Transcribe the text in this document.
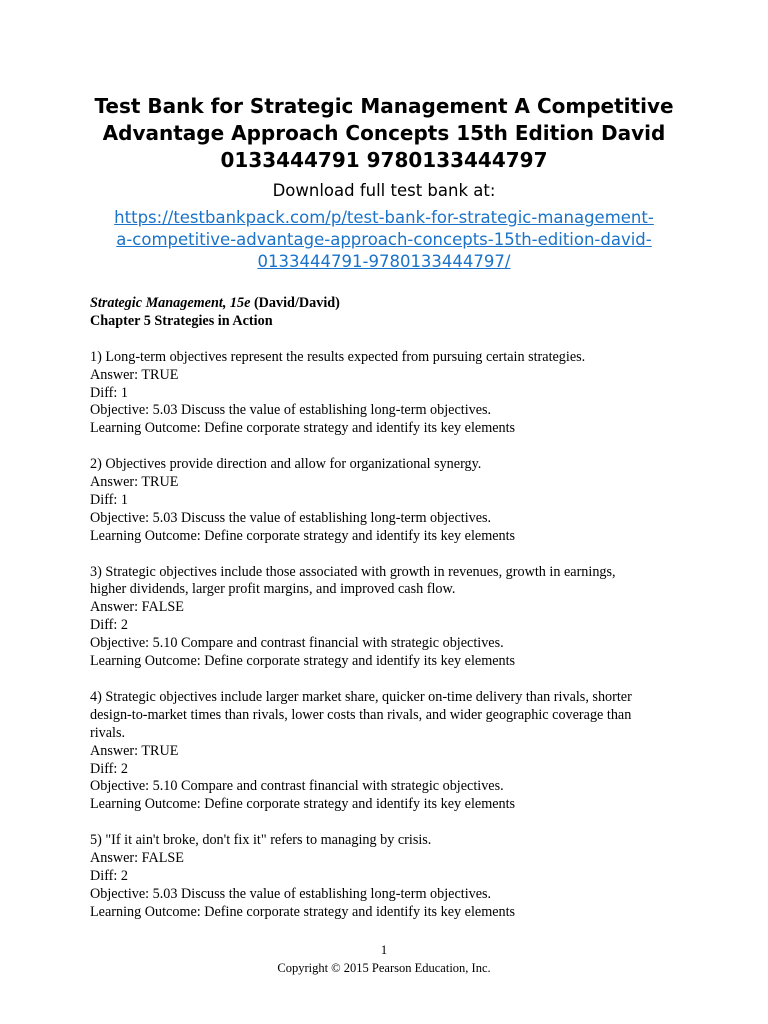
Test Bank for Strategic Management A Competitive
Advantage Approach Concepts 15th Edition David
0133444791 9780133444797
Download full test bank at:
https://testbankpack.com/p/test-bank-for-strategic-management-
a-competitive-advantage-approach-concepts-15th-edition-david-
0133444791-9780133444797/
Strategic Management, 15e (David/David)
Chapter 5 Strategies in Action
1) Long-term objectives represent the results expected from pursuing certain strategies.
Answer: TRUE
Diff: 1
Objective: 5.03 Discuss the value of establishing long-term objectives.
Learning Outcome: Define corporate strategy and identify its key elements
2) Objectives provide direction and allow for organizational synergy.
Answer: TRUE
Diff: 1
Objective: 5.03 Discuss the value of establishing long-term objectives.
Learning Outcome: Define corporate strategy and identify its key elements
3) Strategic objectives include those associated with growth in revenues, growth in earnings,
higher dividends, larger profit margins, and improved cash flow.
Answer: FALSE
Diff: 2
Objective: 5.10 Compare and contrast financial with strategic objectives.
Learning Outcome: Define corporate strategy and identify its key elements
4) Strategic objectives include larger market share, quicker on-time delivery than rivals, shorter
design-to-market times than rivals, lower costs than rivals, and wider geographic coverage than
rivals.
Answer: TRUE
Diff: 2
Objective: 5.10 Compare and contrast financial with strategic objectives.
Learning Outcome: Define corporate strategy and identify its key elements
5) "If it ain't broke, don't fix it" refers to managing by crisis.
Answer: FALSE
Diff: 2
Objective: 5.03 Discuss the value of establishing long-term objectives.
Learning Outcome: Define corporate strategy and identify its key elements
1
Copyright © 2015 Pearson Education, Inc.
